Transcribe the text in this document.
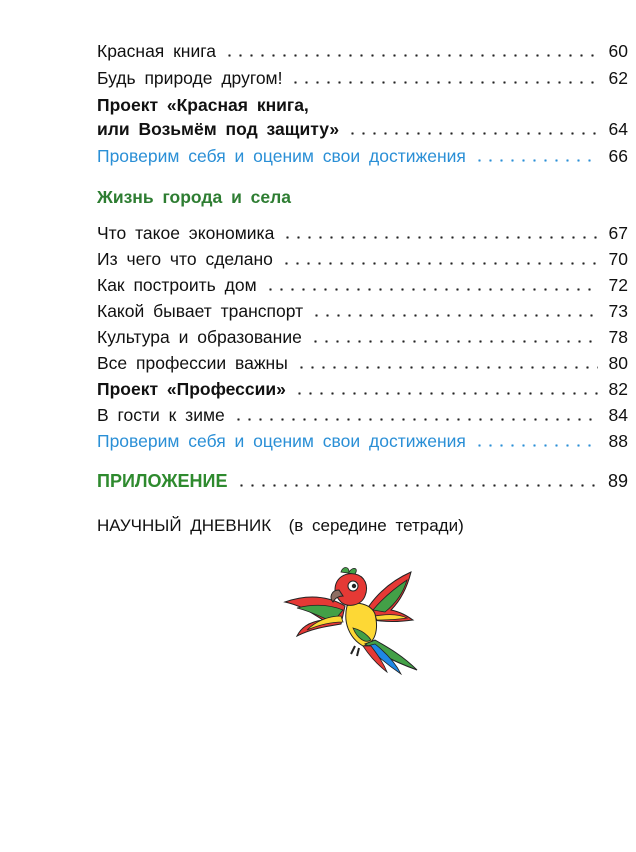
Красная книга	60
Будь природе другом!	62
Проект «Красная книга,
или Возьмём под защиту»	64
Проверим себя и оценим свои достижения	66
Жизнь города и села
Что такое экономика	67
Из чего что сделано	70
Как построить дом	72
Какой бывает транспорт	73
Культура и образование	78
Все профессии важны	80
Проект «Профессии»	82
В гости к зиме	84
Проверим себя и оценим свои достижения	88
ПРИЛОЖЕНИЕ	89
НАУЧНЫЙ ДНЕВНИК (в середине тетради)
